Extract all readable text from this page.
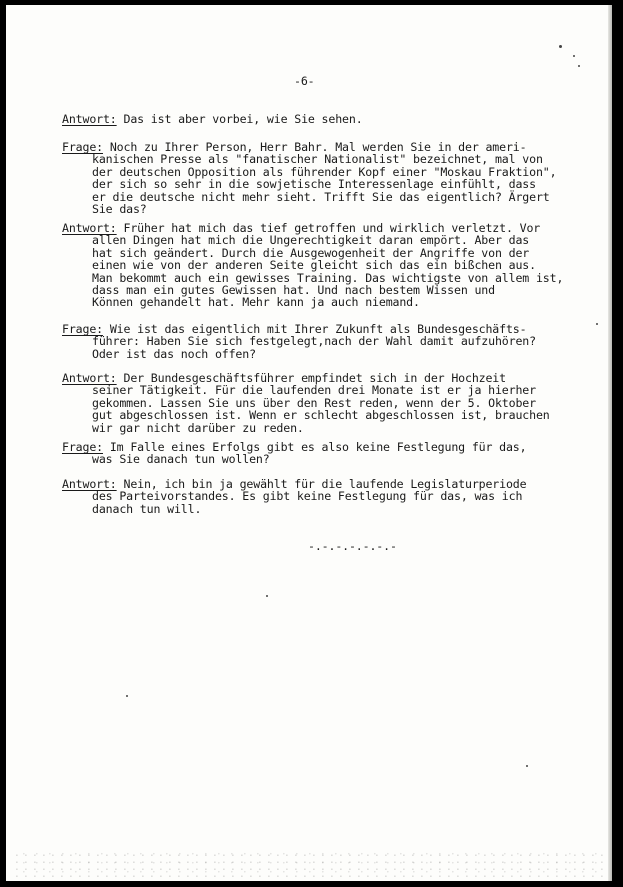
-6-
Antwort: Das ist aber vorbei, wie Sie sehen.
Frage: Noch zu Ihrer Person, Herr Bahr. Mal werden Sie in der ameri-
kanischen Presse als "fanatischer Nationalist" bezeichnet, mal von
der deutschen Opposition als führender Kopf einer "Moskau Fraktion",
der sich so sehr in die sowjetische Interessenlage einfühlt, dass
er die deutsche nicht mehr sieht. Trifft Sie das eigentlich? Ärgert
Sie das?
Antwort: Früher hat mich das tief getroffen und wirklich verletzt. Vor
allen Dingen hat mich die Ungerechtigkeit daran empört. Aber das
hat sich geändert. Durch die Ausgewogenheit der Angriffe von der
einen wie von der anderen Seite gleicht sich das ein bißchen aus.
Man bekommt auch ein gewisses Training. Das wichtigste von allem ist,
dass man ein gutes Gewissen hat. Und nach bestem Wissen und
Können gehandelt hat. Mehr kann ja auch niemand.
Frage: Wie ist das eigentlich mit Ihrer Zukunft als Bundesgeschäfts-
führer: Haben Sie sich festgelegt,nach der Wahl damit aufzuhören?
Oder ist das noch offen?
Antwort: Der Bundesgeschäftsführer empfindet sich in der Hochzeit
seiner Tätigkeit. Für die laufenden drei Monate ist er ja hierher
gekommen. Lassen Sie uns über den Rest reden, wenn der 5. Oktober
gut abgeschlossen ist. Wenn er schlecht abgeschlossen ist, brauchen
wir gar nicht darüber zu reden.
Frage: Im Falle eines Erfolgs gibt es also keine Festlegung für das,
was Sie danach tun wollen?
Antwort: Nein, ich bin ja gewählt für die laufende Legislaturperiode
des Parteivorstandes. Es gibt keine Festlegung für das, was ich
danach tun will.
-.-.-.-.-.-.-
